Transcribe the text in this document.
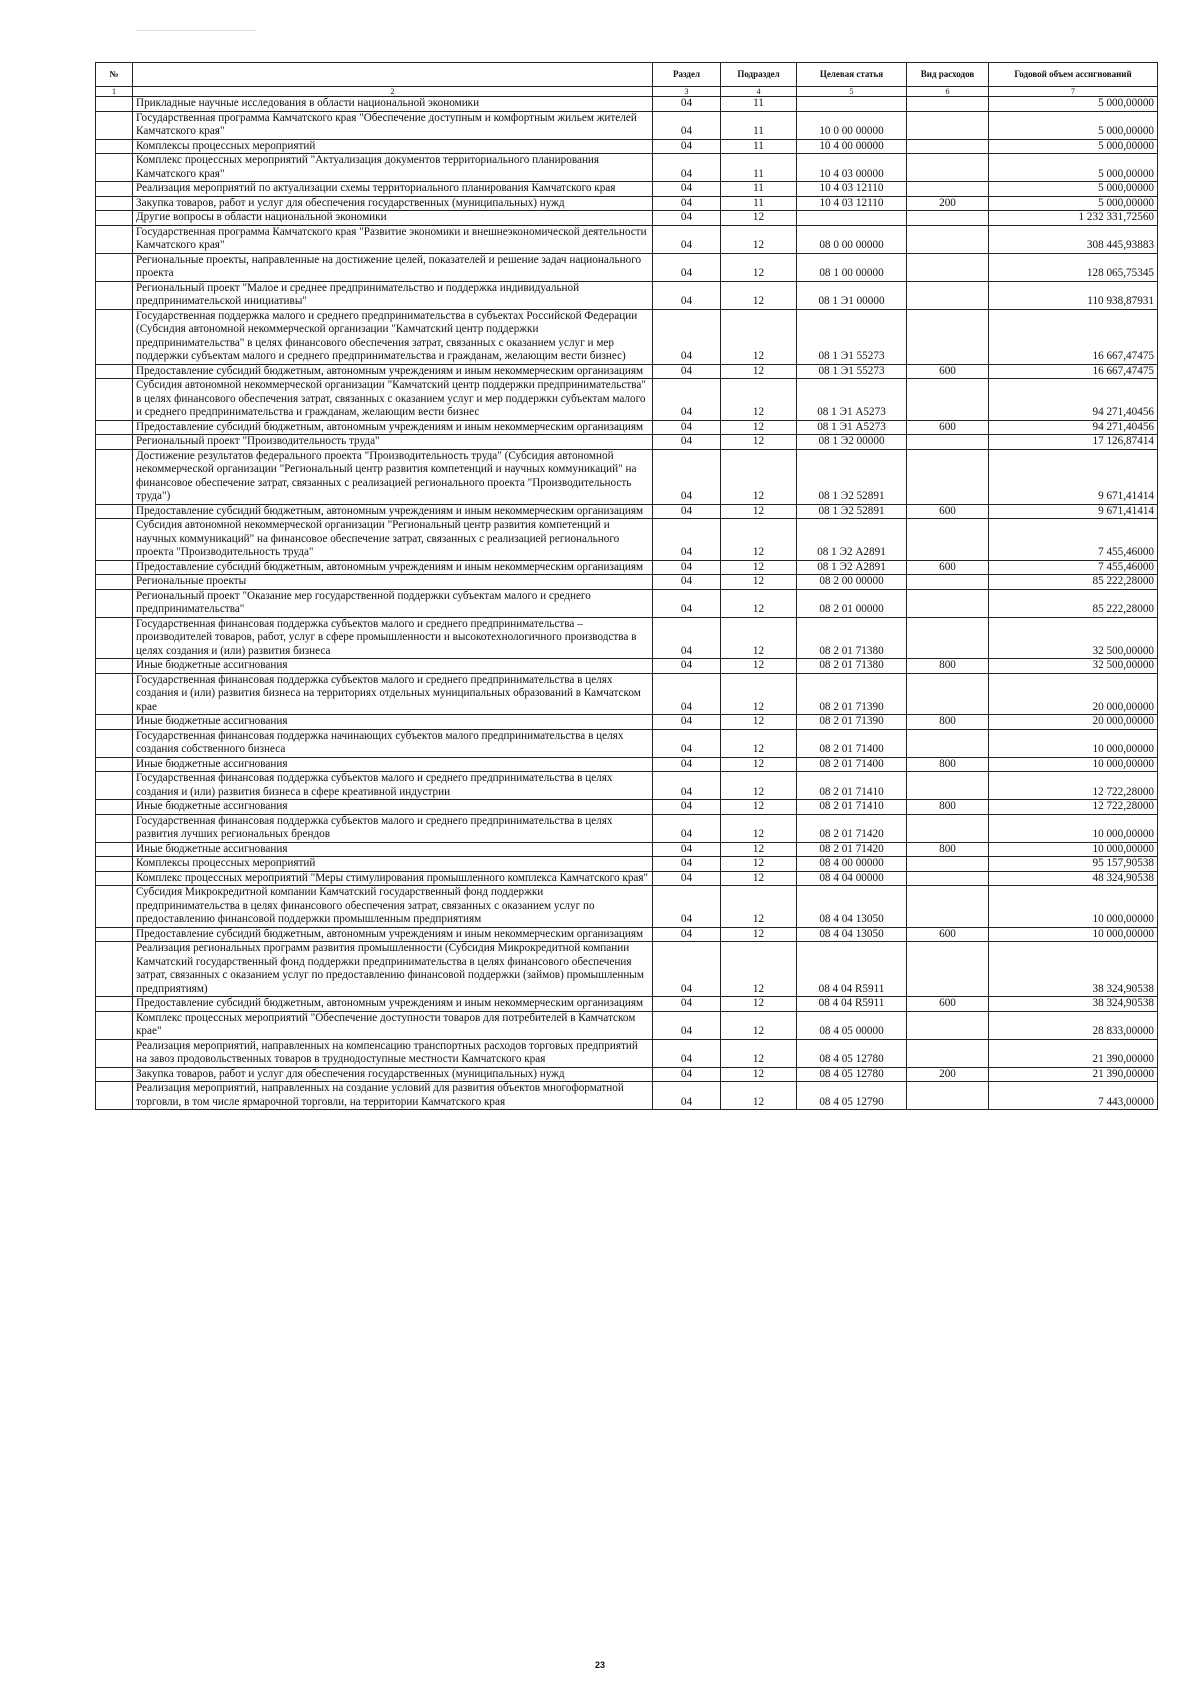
№		Раздел	Подраздел	Целевая статья	Вид расходов	Годовой объем ассигнований
1	2	3	4	5	6	7
	Прикладные научные исследования в области национальной экономики	04	11			5 000,00000
	Государственная программа Камчатского края "Обеспечение доступным и комфортным жильем жителей Камчатского края"	04	11	10 0 00 00000		5 000,00000
	Комплексы процессных мероприятий	04	11	10 4 00 00000		5 000,00000
	Комплекс процессных мероприятий "Актуализация документов территориального планирования Камчатского края"	04	11	10 4 03 00000		5 000,00000
	Реализация мероприятий по актуализации схемы территориального планирования Камчатского края	04	11	10 4 03 12110		5 000,00000
	Закупка товаров, работ и услуг для обеспечения государственных (муниципальных) нужд	04	11	10 4 03 12110	200	5 000,00000
	Другие вопросы в области национальной экономики	04	12			1 232 331,72560
	Государственная программа Камчатского края "Развитие экономики и внешнеэкономической деятельности Камчатского края"	04	12	08 0 00 00000		308 445,93883
	Региональные проекты, направленные на достижение целей, показателей и решение задач национального проекта	04	12	08 1 00 00000		128 065,75345
	Региональный проект "Малое и среднее предпринимательство и поддержка индивидуальной предпринимательской инициативы"	04	12	08 1 Э1 00000		110 938,87931
	Государственная поддержка малого и среднего предпринимательства в субъектах Российской Федерации (Субсидия автономной некоммерческой организации "Камчатский центр поддержки предпринимательства" в целях финансового обеспечения затрат, связанных с оказанием услуг и мер поддержки субъектам малого и среднего предпринимательства и гражданам, желающим вести бизнес)	04	12	08 1 Э1 55273		16 667,47475
	Предоставление субсидий бюджетным, автономным учреждениям и иным некоммерческим организациям	04	12	08 1 Э1 55273	600	16 667,47475
	Субсидия автономной некоммерческой организации "Камчатский центр поддержки предпринимательства" в целях финансового обеспечения затрат, связанных с оказанием услуг и мер поддержки субъектам малого и среднего предпринимательства и гражданам, желающим вести бизнес	04	12	08 1 Э1 А5273		94 271,40456
	Предоставление субсидий бюджетным, автономным учреждениям и иным некоммерческим организациям	04	12	08 1 Э1 А5273	600	94 271,40456
	Региональный проект "Производительность труда"	04	12	08 1 Э2 00000		17 126,87414
	Достижение результатов федерального проекта "Производительность труда" (Субсидия автономной некоммерческой организации "Региональный центр развития компетенций и научных коммуникаций" на финансовое обеспечение затрат, связанных с реализацией регионального проекта "Производительность труда")	04	12	08 1 Э2 52891		9 671,41414
	Предоставление субсидий бюджетным, автономным учреждениям и иным некоммерческим организациям	04	12	08 1 Э2 52891	600	9 671,41414
	Субсидия автономной некоммерческой организации "Региональный центр развития компетенций и научных коммуникаций" на финансовое обеспечение затрат, связанных с реализацией регионального проекта "Производительность труда"	04	12	08 1 Э2 А2891		7 455,46000
	Предоставление субсидий бюджетным, автономным учреждениям и иным некоммерческим организациям	04	12	08 1 Э2 А2891	600	7 455,46000
	Региональные проекты	04	12	08 2 00 00000		85 222,28000
	Региональный проект "Оказание мер государственной поддержки субъектам малого и среднего предпринимательства"	04	12	08 2 01 00000		85 222,28000
	Государственная финансовая поддержка субъектов малого и среднего предпринимательства – производителей товаров, работ, услуг в сфере промышленности и высокотехнологичного производства в целях создания и (или) развития бизнеса	04	12	08 2 01 71380		32 500,00000
	Иные бюджетные ассигнования	04	12	08 2 01 71380	800	32 500,00000
	Государственная финансовая поддержка субъектов малого и среднего предпринимательства в целях создания и (или) развития бизнеса на территориях отдельных муниципальных образований в Камчатском крае	04	12	08 2 01 71390		20 000,00000
	Иные бюджетные ассигнования	04	12	08 2 01 71390	800	20 000,00000
	Государственная финансовая поддержка начинающих субъектов малого предпринимательства в целях создания собственного бизнеса	04	12	08 2 01 71400		10 000,00000
	Иные бюджетные ассигнования	04	12	08 2 01 71400	800	10 000,00000
	Государственная финансовая поддержка субъектов малого и среднего предпринимательства в целях создания и (или) развития бизнеса в сфере креативной индустрии	04	12	08 2 01 71410		12 722,28000
	Иные бюджетные ассигнования	04	12	08 2 01 71410	800	12 722,28000
	Государственная финансовая поддержка субъектов малого и среднего предпринимательства в целях развития лучших региональных брендов	04	12	08 2 01 71420		10 000,00000
	Иные бюджетные ассигнования	04	12	08 2 01 71420	800	10 000,00000
	Комплексы процессных мероприятий	04	12	08 4 00 00000		95 157,90538
	Комплекс процессных мероприятий "Меры стимулирования промышленного комплекса Камчатского края"	04	12	08 4 04 00000		48 324,90538
	Субсидия Микрокредитной компании Камчатский государственный фонд поддержки предпринимательства в целях финансового обеспечения затрат, связанных с оказанием услуг по предоставлению финансовой поддержки промышленным предприятиям	04	12	08 4 04 13050		10 000,00000
	Предоставление субсидий бюджетным, автономным учреждениям и иным некоммерческим организациям	04	12	08 4 04 13050	600	10 000,00000
	Реализация региональных программ развития промышленности (Субсидия Микрокредитной компании Камчатский государственный фонд поддержки предпринимательства в целях финансового обеспечения затрат, связанных с оказанием услуг по предоставлению финансовой поддержки (займов) промышленным предприятиям)	04	12	08 4 04 R5911		38 324,90538
	Предоставление субсидий бюджетным, автономным учреждениям и иным некоммерческим организациям	04	12	08 4 04 R5911	600	38 324,90538
	Комплекс процессных мероприятий "Обеспечение доступности товаров для потребителей в Камчатском крае"	04	12	08 4 05 00000		28 833,00000
	Реализация мероприятий, направленных на компенсацию транспортных расходов торговых предприятий на завоз продовольственных товаров в труднодоступные местности Камчатского края	04	12	08 4 05 12780		21 390,00000
	Закупка товаров, работ и услуг для обеспечения государственных (муниципальных) нужд	04	12	08 4 05 12780	200	21 390,00000
	Реализация мероприятий, направленных на создание условий для развития объектов многоформатной торговли, в том числе ярмарочной торговли, на территории Камчатского края	04	12	08 4 05 12790		7 443,00000
23
